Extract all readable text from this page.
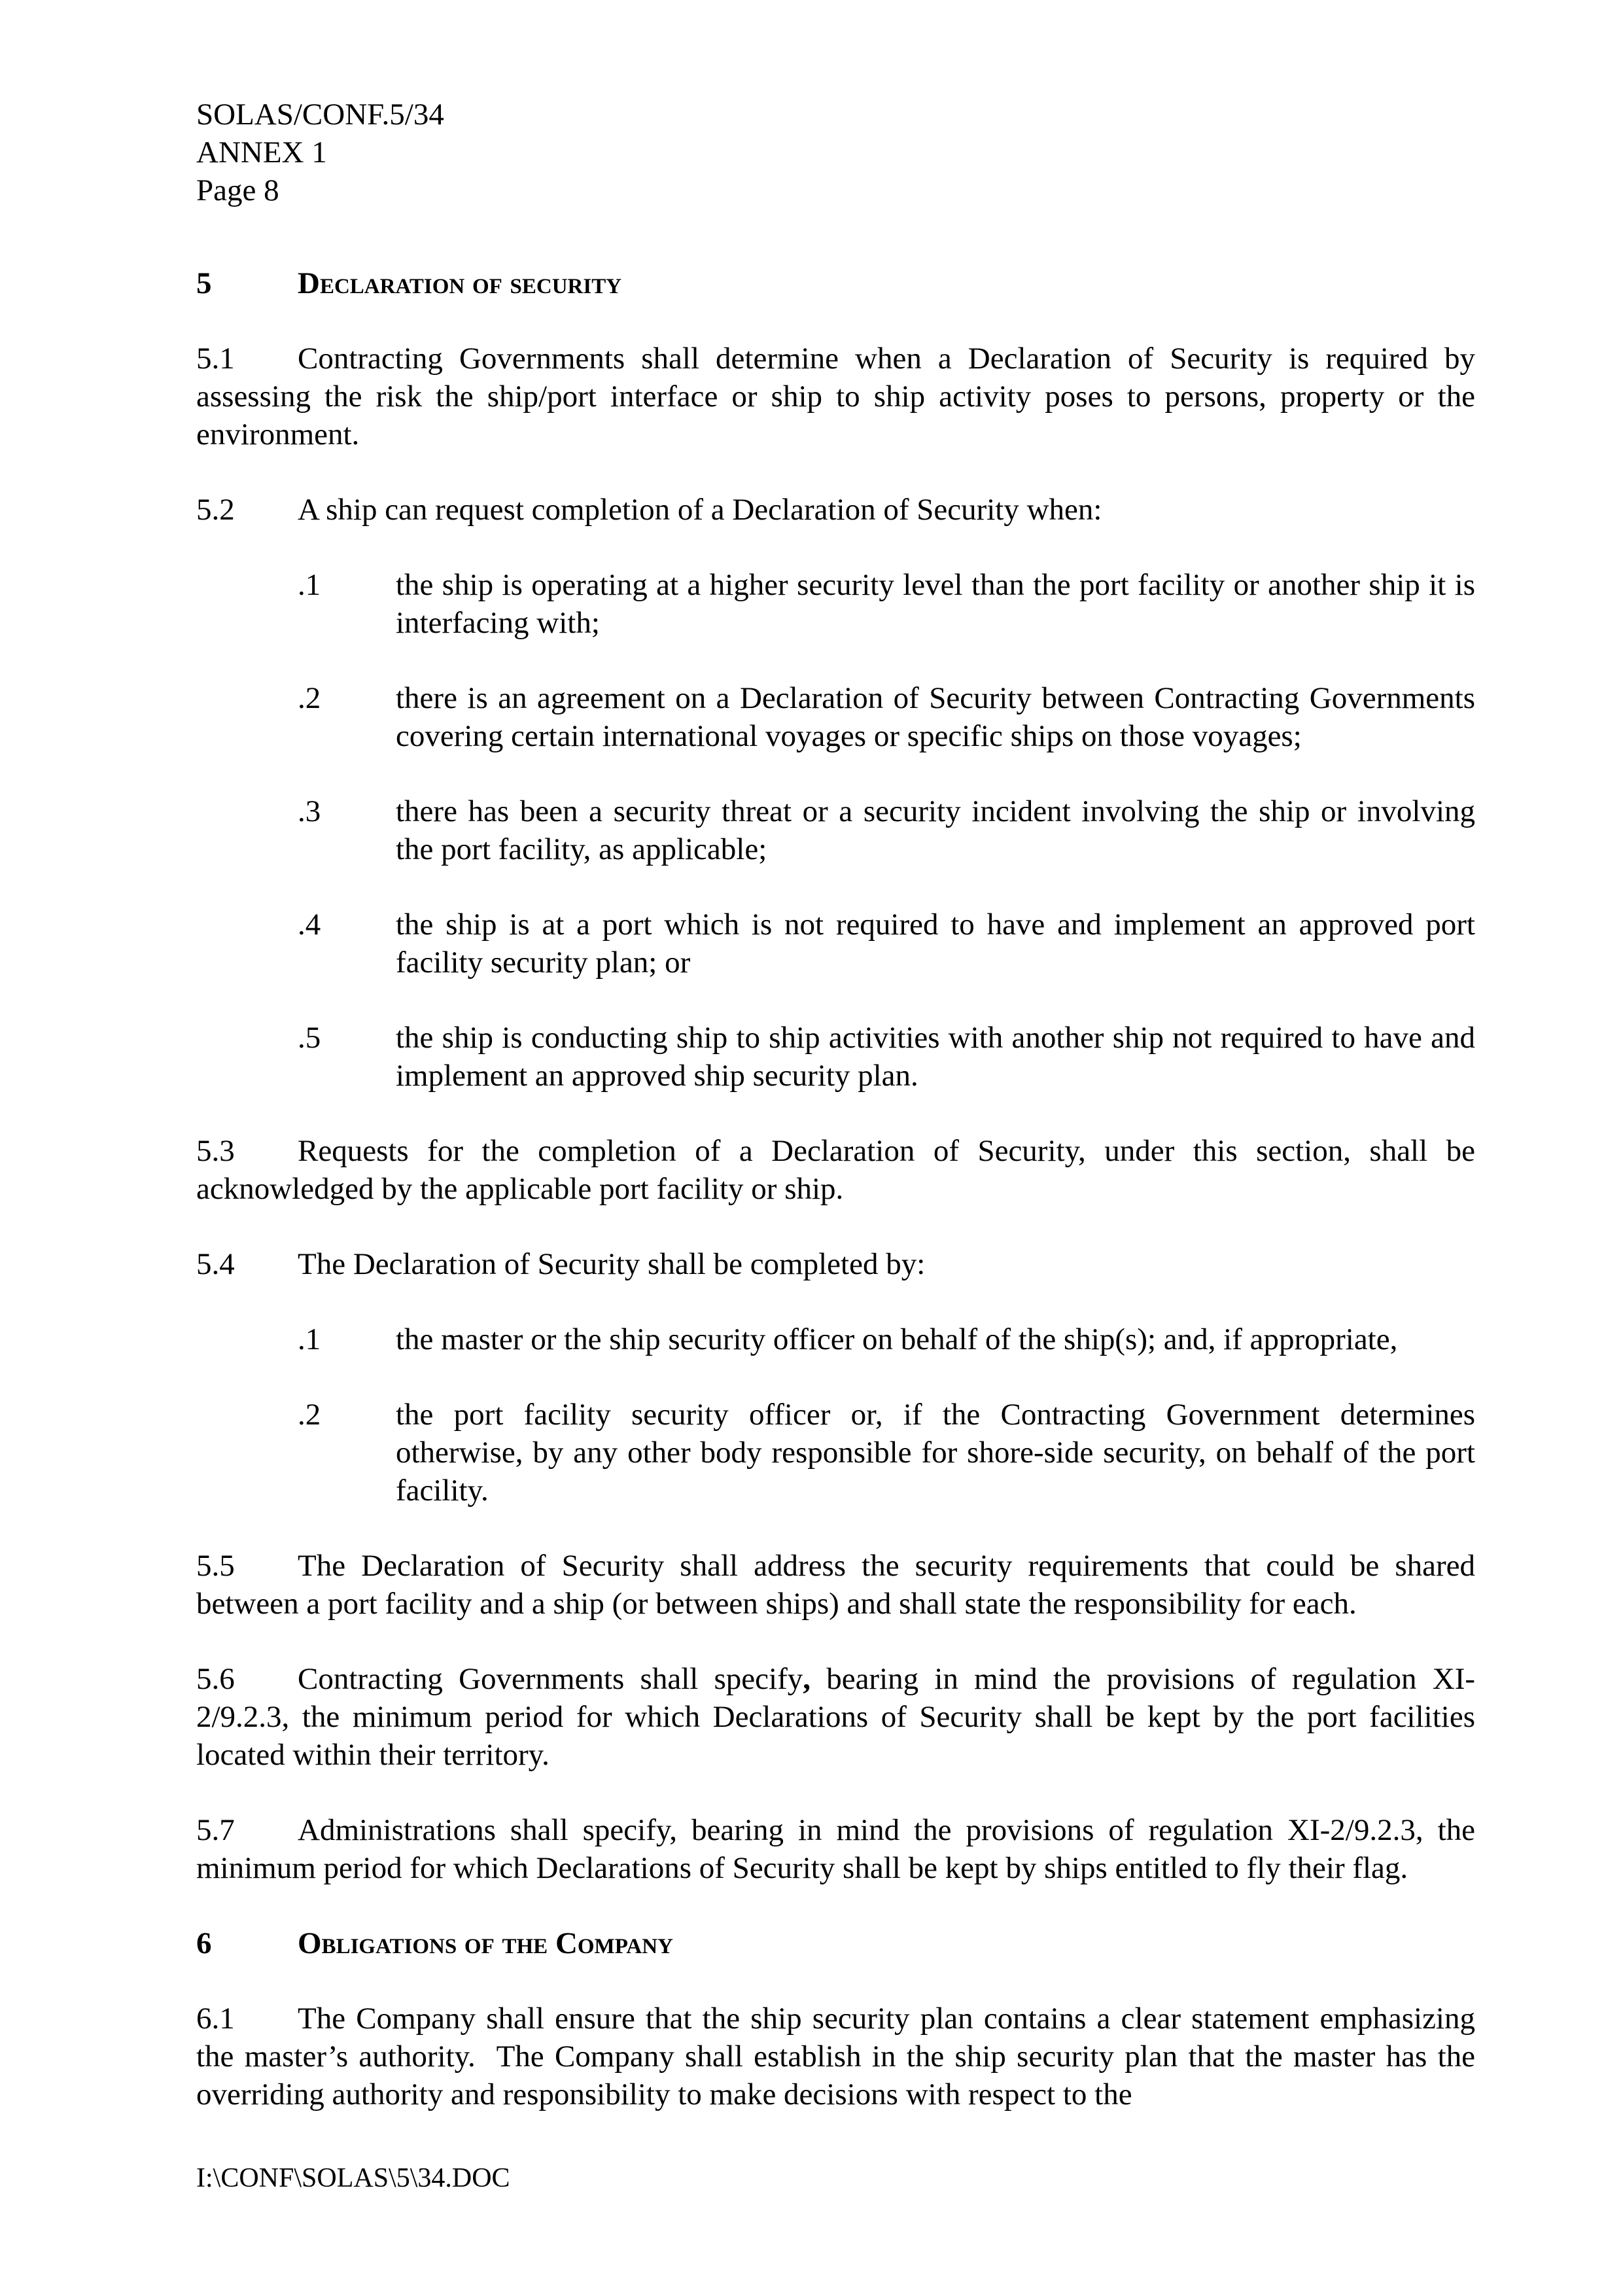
SOLAS/CONF.5/34
ANNEX 1
Page 8
5	Declaration of security
5.1 Contracting Governments shall determine when a Declaration of Security is required by assessing the risk the ship/port interface or ship to ship activity poses to persons, property or the environment.
5.2 A ship can request completion of a Declaration of Security when:
.1 the ship is operating at a higher security level than the port facility or another ship it is interfacing with;
.2 there is an agreement on a Declaration of Security between Contracting Governments covering certain international voyages or specific ships on those voyages;
.3 there has been a security threat or a security incident involving the ship or involving the port facility, as applicable;
.4 the ship is at a port which is not required to have and implement an approved port facility security plan; or
.5 the ship is conducting ship to ship activities with another ship not required to have and implement an approved ship security plan.
5.3 Requests for the completion of a Declaration of Security, under this section, shall be acknowledged by the applicable port facility or ship.
5.4 The Declaration of Security shall be completed by:
.1 the master or the ship security officer on behalf of the ship(s); and, if appropriate,
.2 the port facility security officer or, if the Contracting Government determines otherwise, by any other body responsible for shore-side security, on behalf of the port facility.
5.5 The Declaration of Security shall address the security requirements that could be shared between a port facility and a ship (or between ships) and shall state the responsibility for each.
5.6 Contracting Governments shall specify, bearing in mind the provisions of regulation XI-2/9.2.3, the minimum period for which Declarations of Security shall be kept by the port facilities located within their territory.
5.7 Administrations shall specify, bearing in mind the provisions of regulation XI-2/9.2.3, the minimum period for which Declarations of Security shall be kept by ships entitled to fly their flag.
6	Obligations of the Company
6.1 The Company shall ensure that the ship security plan contains a clear statement emphasizing the master’s authority.  The Company shall establish in the ship security plan that the master has the overriding authority and responsibility to make decisions with respect to the
I:\CONF\SOLAS\5\34.DOC
